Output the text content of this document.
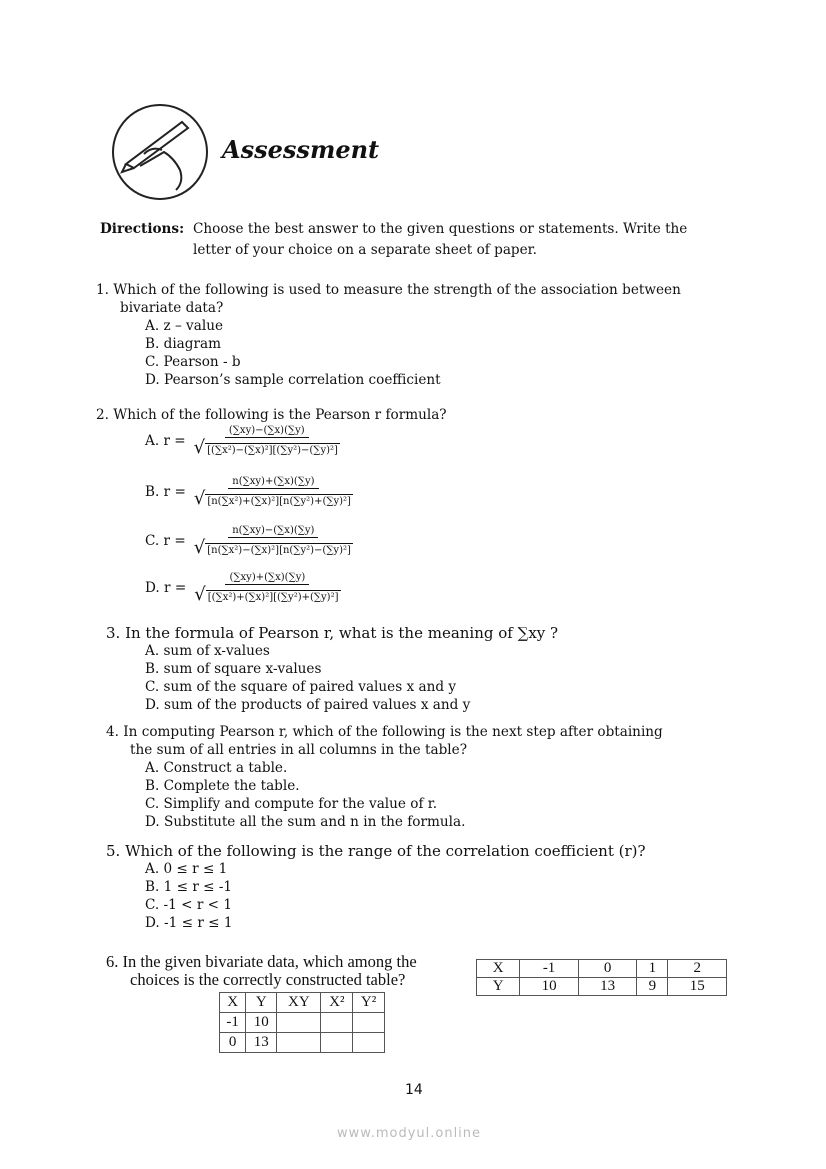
Assessment
Directions: Choose the best answer to the given questions or statements. Write the
letter of your choice on a separate sheet of paper.
1. Which of the following is used to measure the strength of the association between
bivariate data?
A. z – value
B. diagram
C. Pearson - b
D. Pearson’s sample correlation coefficient
2. Which of the following is the Pearson r formula?
A. $r = \frac{(\sum xy)-(\sum x)(\sum y)}{\text{√ [(∑x²)−(∑x)²][(∑y²)−(∑y)²]}}$
B. $r = \frac{n(\sum xy)+(\sum x)(\sum y)}{\text{√ [n(∑x²)+(∑x)²][n(∑y²)+(∑y)²]}}$
C. $r = \frac{n(\sum xy)-(\sum x)(\sum y)}{\text{√ [n(∑x²)−(∑x)²][n(∑y²)−(∑y)²]}}$
D. $r = \frac{(\sum xy)+(\sum x)(\sum y)}{\text{√ [(∑x²)+(∑x)²][(∑y²)+(∑y)²]}}$
3. In the formula of Pearson r, what is the meaning of ∑xy ?
A. sum of x-values
B. sum of square x-values
C. sum of the square of paired values x and y
D. sum of the products of paired values x and y
4. In computing Pearson r, which of the following is the next step after obtaining
the sum of all entries in all columns in the table?
A. Construct a table.
B. Complete the table.
C. Simplify and compute for the value of r.
D. Substitute all the sum and n in the formula.
5. Which of the following is the range of the correlation coefficient (r)?
A. 0 ≤ r ≤ 1
B. 1 ≤ r ≤ -1
C. -1 < r < 1
D. -1 ≤ r ≤ 1
6. In the given bivariate data, which among the
choices is the correctly constructed table?
X	-1	0	1	2
Y	10	13	9	15
X	Y	XY	X²	Y²
-1	10			
0	13			
14
www.modyul.online
